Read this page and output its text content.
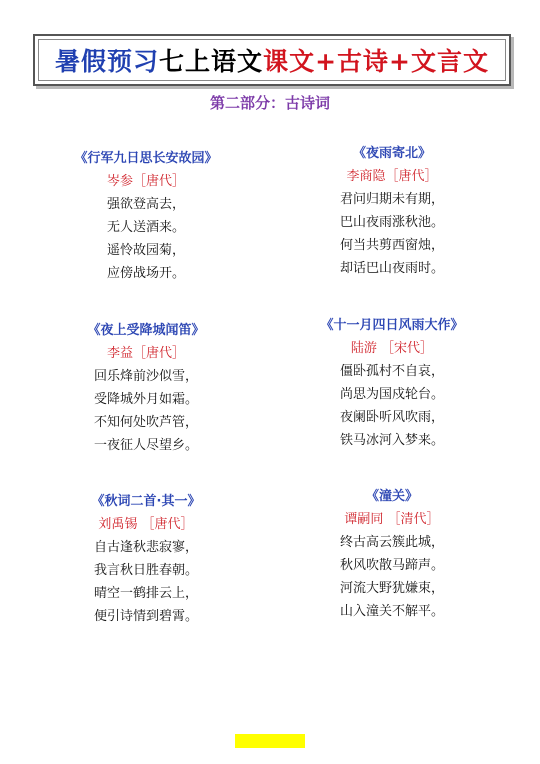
暑假预习七上语文课文+古诗+文言文
第二部分：古诗词
《行军九日思长安故园》
岑参［唐代］
强欲登高去，
无人送酒来。
遥怜故园菊，
应傍战场开。
《夜雨寄北》
李商隐［唐代］
君问归期未有期，
巴山夜雨涨秋池。
何当共剪西窗烛，
却话巴山夜雨时。
《夜上受降城闻笛》
李益［唐代］
回乐烽前沙似雪，
受降城外月如霜。
不知何处吹芦管，
一夜征人尽望乡。
《十一月四日风雨大作》
陆游 ［宋代］
僵卧孤村不自哀，
尚思为国戍轮台。
夜阑卧听风吹雨，
铁马冰河入梦来。
《秋词二首·其一》
刘禹锡 ［唐代］
自古逢秋悲寂寥，
我言秋日胜春朝。
晴空一鹤排云上，
便引诗情到碧霄。
《潼关》
谭嗣同 ［清代］
终古高云簇此城，
秋风吹散马蹄声。
河流大野犹嫌束，
山入潼关不解平。
